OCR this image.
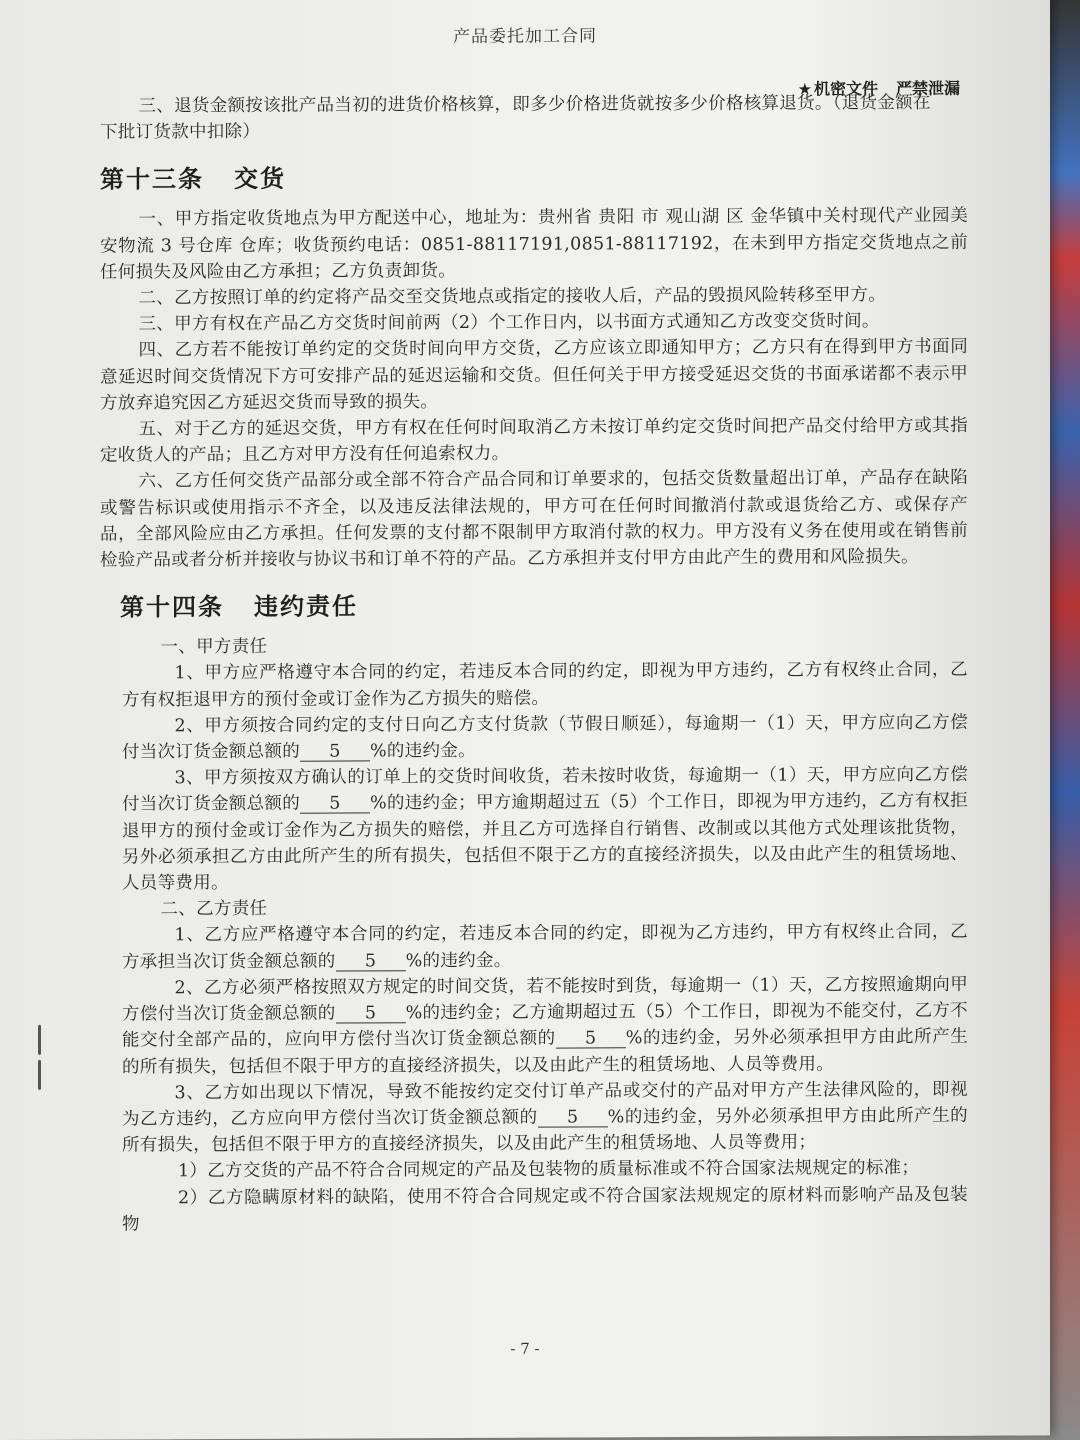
产品委托加工合同
★ 机密文件 严禁泄漏

三、退货金额按该批产品当初的进货价格核算，即多少价格进货就按多少价格核算退货。（退货金额在

下批订货款中扣除）

第十三条 交货

一、甲方指定收货地点为甲方配送中心，地址为：贵州省 贵阳 市 观山湖 区 金华镇中关村现代产业园美安物流 3 号仓库 仓库；收货预约电话：0851-88117191,0851-88117192，在未到甲方指定交货地点之前任何损失及风险由乙方承担；乙方负责卸货。

二、乙方按照订单的约定将产品交至交货地点或指定的接收人后，产品的毁损风险转移至甲方。

三、甲方有权在产品乙方交货时间前两（2）个工作日内，以书面方式通知乙方改变交货时间。

四、乙方若不能按订单约定的交货时间向甲方交货，乙方应该立即通知甲方；乙方只有在得到甲方书面同意延迟时间交货情况下方可安排产品的延迟运输和交货。但任何关于甲方接受延迟交货的书面承诺都不表示甲方放弃追究因乙方延迟交货而导致的损失。

五、对于乙方的延迟交货，甲方有权在任何时间取消乙方未按订单约定交货时间把产品交付给甲方或其指定收货人的产品；且乙方对甲方没有任何追索权力。

六、乙方任何交货产品部分或全部不符合产品合同和订单要求的，包括交货数量超出订单，产品存在缺陷或警告标识或使用指示不齐全，以及违反法律法规的，甲方可在任何时间撤消付款或退货给乙方、或保存产品，全部风险应由乙方承担。任何发票的支付都不限制甲方取消付款的权力。甲方没有义务在使用或在销售前检验产品或者分析并接收与协议书和订单不符的产品。乙方承担并支付甲方由此产生的费用和风险损失。

第十四条 违约责任

一、甲方责任

1、甲方应严格遵守本合同的约定，若违反本合同的约定，即视为甲方违约，乙方有权终止合同，乙方有权拒退甲方的预付金或订金作为乙方损失的赔偿。

2、甲方须按合同约定的支付日向乙方支付货款（节假日顺延），每逾期一（1）天，甲方应向乙方偿付当次订货金额总额的 5 %的违约金。

3、甲方须按双方确认的订单上的交货时间收货，若未按时收货，每逾期一（1）天，甲方应向乙方偿付当次订货金额总额的 5 %的违约金；甲方逾期超过五（5）个工作日，即视为甲方违约，乙方有权拒退甲方的预付金或订金作为乙方损失的赔偿，并且乙方可选择自行销售、改制或以其他方式处理该批货物，另外必须承担乙方由此所产生的所有损失，包括但不限于乙方的直接经济损失，以及由此产生的租赁场地、人员等费用。

二、乙方责任

1、乙方应严格遵守本合同的约定，若违反本合同的约定，即视为乙方违约，甲方有权终止合同，乙方承担当次订货金额总额的 5 %的违约金。

2、乙方必须严格按照双方规定的时间交货，若不能按时到货，每逾期一（1）天，乙方按照逾期向甲方偿付当次订货金额总额的 5 %的违约金；乙方逾期超过五（5）个工作日，即视为不能交付，乙方不能交付全部产品的，应向甲方偿付当次订货金额总额的 5 %的违约金，另外必须承担甲方由此所产生的所有损失，包括但不限于甲方的直接经济损失，以及由此产生的租赁场地、人员等费用。

3、乙方如出现以下情况，导致不能按约定交付订单产品或交付的产品对甲方产生法律风险的，即视为乙方违约，乙方应向甲方偿付当次订货金额总额的 5 %的违约金，另外必须承担甲方由此所产生的所有损失，包括但不限于甲方的直接经济损失，以及由此产生的租赁场地、人员等费用；

1）乙方交货的产品不符合合同规定的产品及包装物的质量标准或不符合国家法规规定的标准；

2）乙方隐瞒原材料的缺陷，使用不符合合同规定或不符合国家法规规定的原材料而影响产品及包装物

- 7 -
